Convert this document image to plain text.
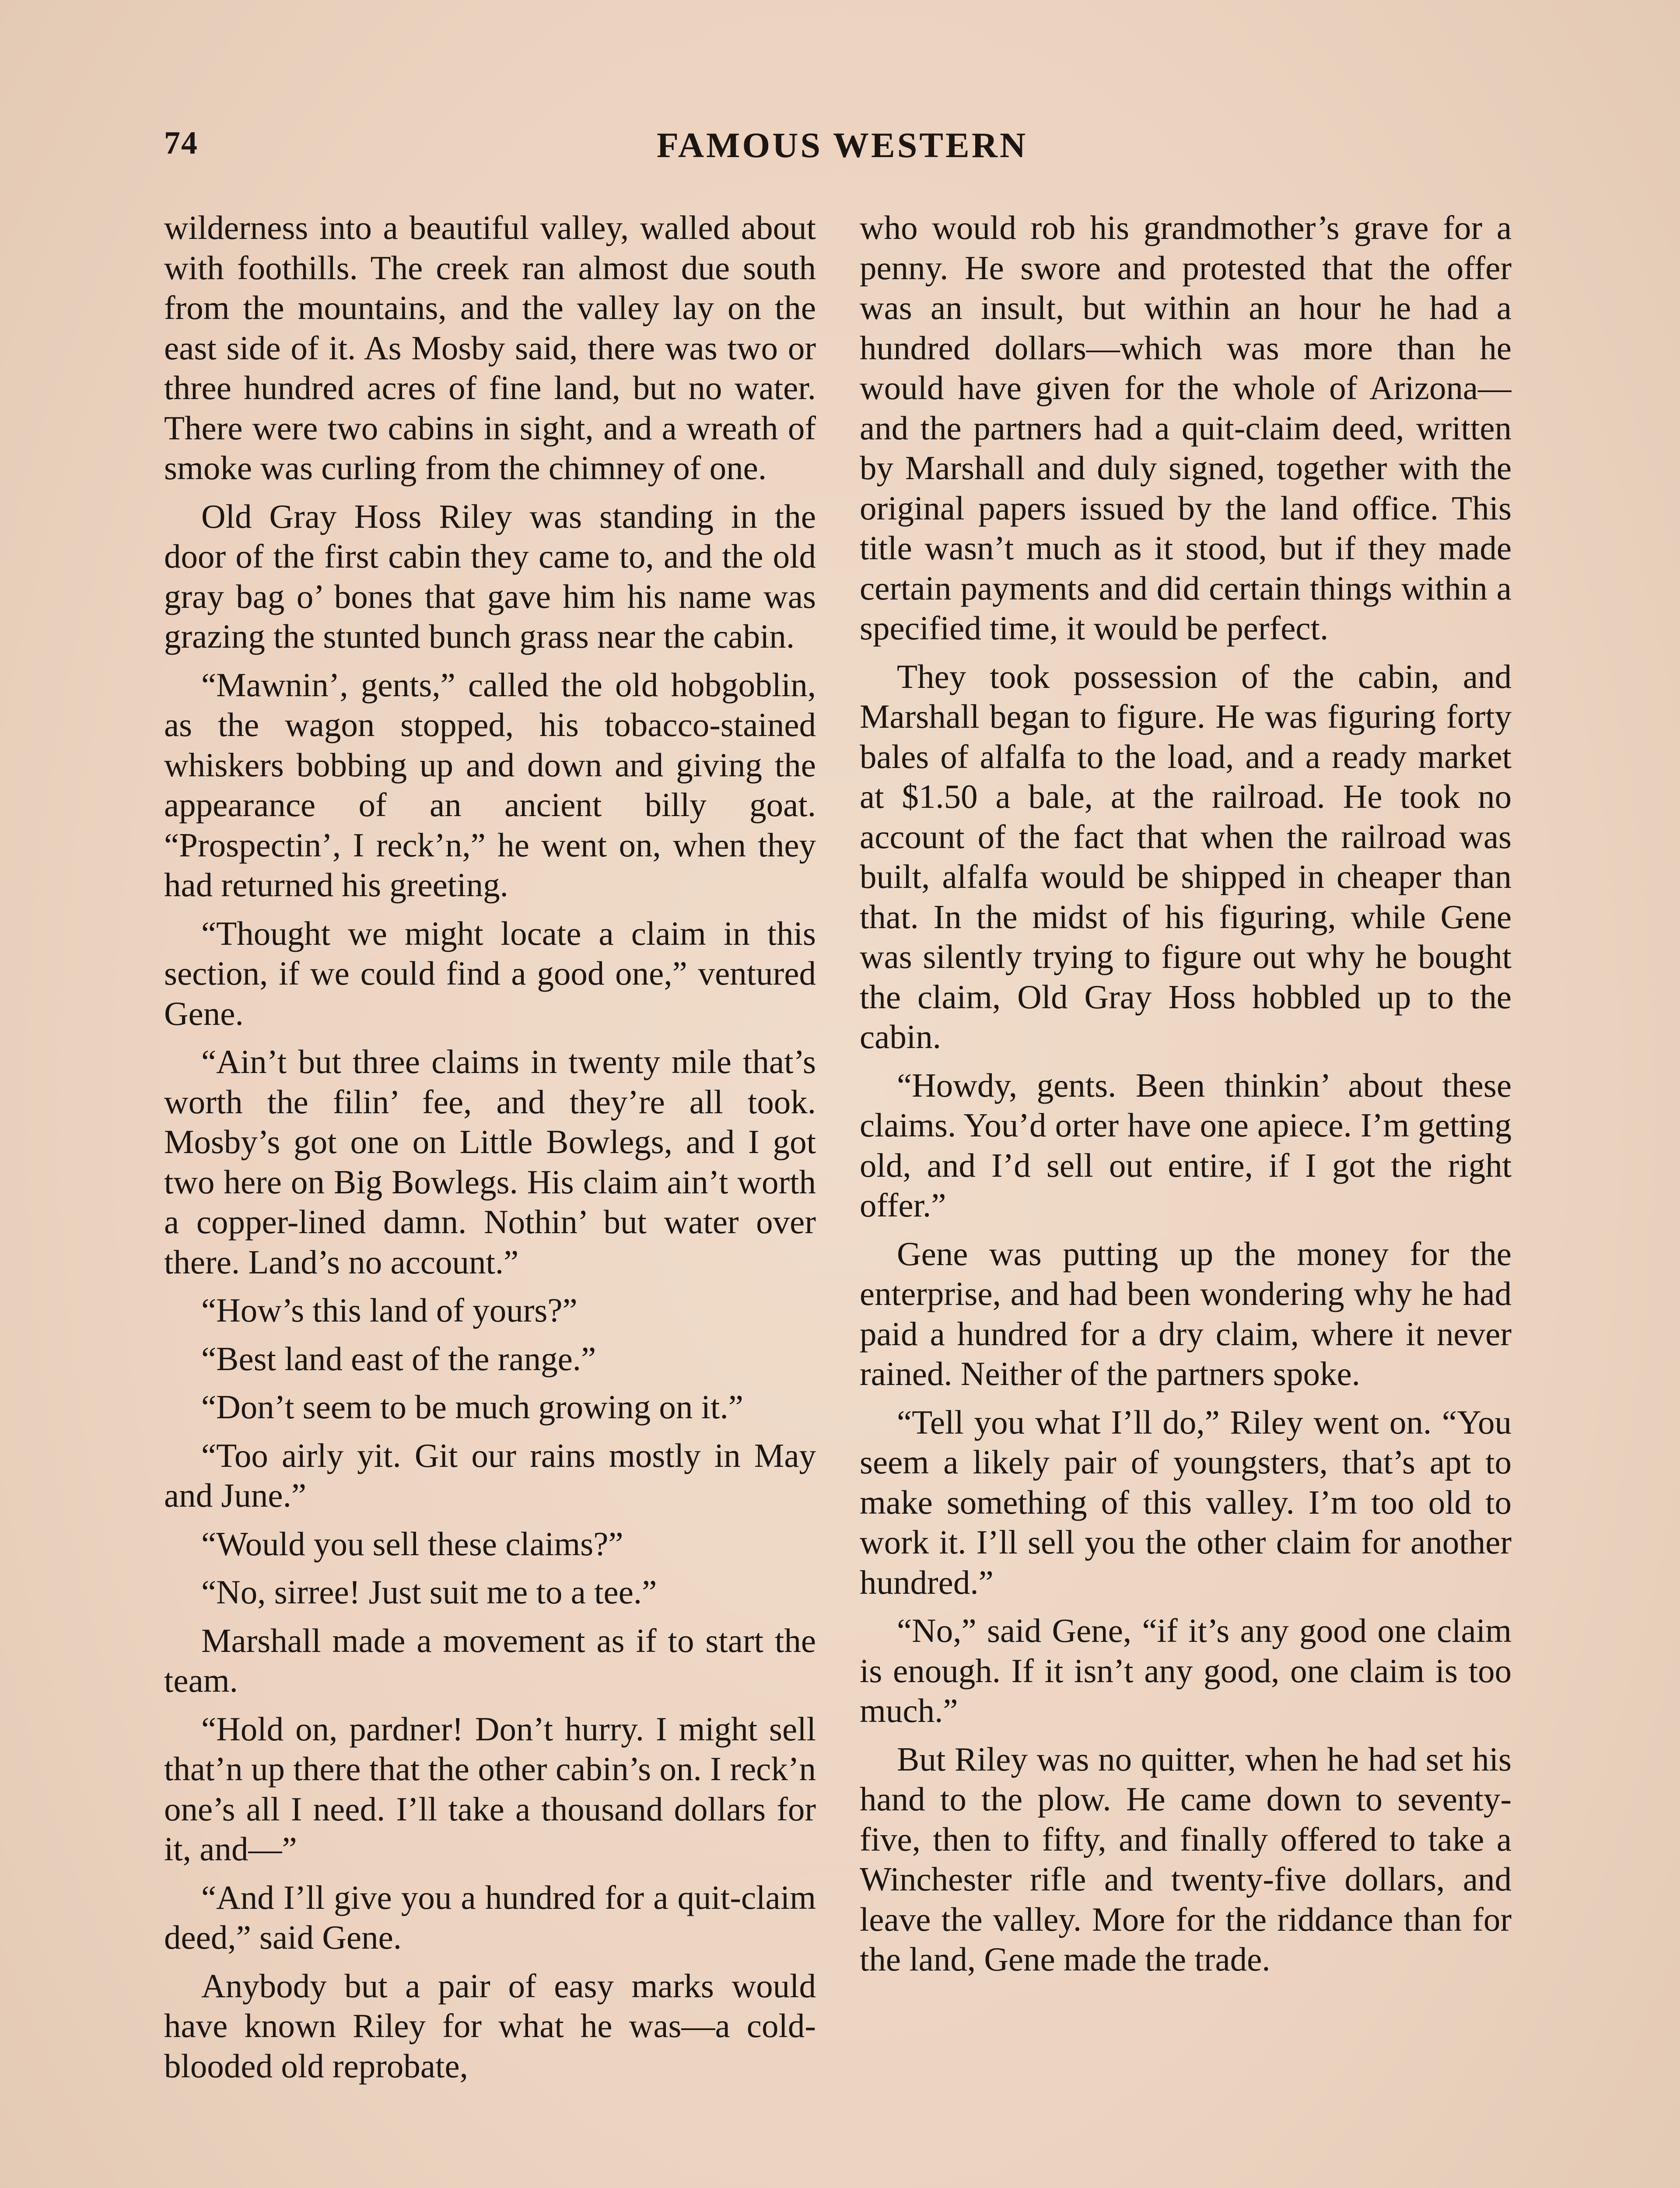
74	FAMOUS WESTERN

wilderness into a beautiful valley, walled about with foothills. The creek ran almost due south from the mountains, and the valley lay on the east side of it. As Mosby said, there was two or three hundred acres of fine land, but no water. There were two cabins in sight, and a wreath of smoke was curling from the chimney of one.

Old Gray Hoss Riley was standing in the door of the first cabin they came to, and the old gray bag o’ bones that gave him his name was grazing the stunted bunch grass near the cabin.

“Mawnin’, gents,” called the old hobgoblin, as the wagon stopped, his tobacco-stained whiskers bobbing up and down and giving the appearance of an ancient billy goat. “Prospectin’, I reck’n,” he went on, when they had returned his greeting.

“Thought we might locate a claim in this section, if we could find a good one,” ventured Gene.

“Ain’t but three claims in twenty mile that’s worth the filin’ fee, and they’re all took. Mosby’s got one on Little Bowlegs, and I got two here on Big Bowlegs. His claim ain’t worth a copper-lined damn. Nothin’ but water over there. Land’s no account.”

“How’s this land of yours?”

“Best land east of the range.”

“Don’t seem to be much growing on it.”

“Too airly yit. Git our rains mostly in May and June.”

“Would you sell these claims?”

“No, sirree! Just suit me to a tee.”

Marshall made a movement as if to start the team.

“Hold on, pardner! Don’t hurry. I might sell that’n up there that the other cabin’s on. I reck’n one’s all I need. I’ll take a thousand dollars for it, and—”

“And I’ll give you a hundred for a quit-claim deed,” said Gene.

Anybody but a pair of easy marks would have known Riley for what he was—a cold-blooded old reprobate,

who would rob his grandmother’s grave for a penny. He swore and protested that the offer was an insult, but within an hour he had a hundred dollars—which was more than he would have given for the whole of Arizona—and the partners had a quit-claim deed, written by Marshall and duly signed, together with the original papers issued by the land office. This title wasn’t much as it stood, but if they made certain payments and did certain things within a specified time, it would be perfect.

They took possession of the cabin, and Marshall began to figure. He was figuring forty bales of alfalfa to the load, and a ready market at $1.50 a bale, at the railroad. He took no account of the fact that when the railroad was built, alfalfa would be shipped in cheaper than that. In the midst of his figuring, while Gene was silently trying to figure out why he bought the claim, Old Gray Hoss hobbled up to the cabin.

“Howdy, gents. Been thinkin’ about these claims. You’d orter have one apiece. I’m getting old, and I’d sell out entire, if I got the right offer.”

Gene was putting up the money for the enterprise, and had been wondering why he had paid a hundred for a dry claim, where it never rained. Neither of the partners spoke.

“Tell you what I’ll do,” Riley went on. “You seem a likely pair of youngsters, that’s apt to make something of this valley. I’m too old to work it. I’ll sell you the other claim for another hundred.”

“No,” said Gene, “if it’s any good one claim is enough. If it isn’t any good, one claim is too much.”

But Riley was no quitter, when he had set his hand to the plow. He came down to seventy-five, then to fifty, and finally offered to take a Winchester rifle and twenty-five dollars, and leave the valley. More for the riddance than for the land, Gene made the trade.
